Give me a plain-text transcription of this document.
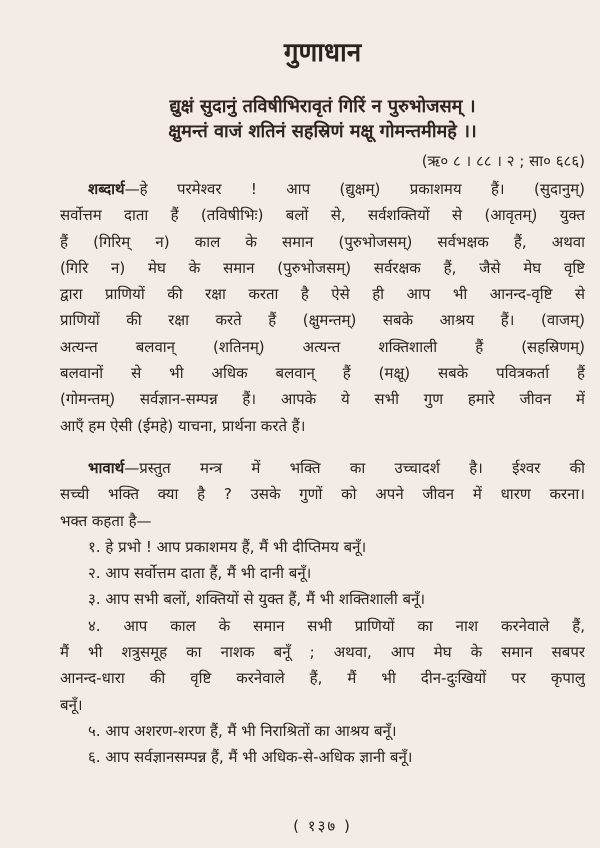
गुणाधान
द्युक्षं सुदानुं तविषीभिरावृतं गिरिं न पुरुभोजसम् ।
क्षुमन्तं वाजं शतिनं सहस्रिणं मक्षू गोमन्तमीमहे ।।
(ऋ० ८ । ८८ । २ ; सा० ६८६)
शब्दार्थ—हे परमेश्वर ! आप (द्युक्षम्) प्रकाशमय हैं। (सुदानुम्)
सर्वोत्तम दाता हैं (तविषीभिः) बलों से, सर्वशक्तियों से (आवृतम्) युक्त
हैं (गिरिम् न) काल के समान (पुरुभोजसम्) सर्वभक्षक हैं, अथवा
(गिरि न) मेघ के समान (पुरुभोजसम्) सर्वरक्षक हैं, जैसे मेघ वृष्टि
द्वारा प्राणियों की रक्षा करता है ऐसे ही आप भी आनन्द-वृष्टि से
प्राणियों की रक्षा करते हैं (क्षुमन्तम्) सबके आश्रय हैं। (वाजम्)
अत्यन्त बलवान् (शतिनम्) अत्यन्त शक्तिशाली हैं (सहस्रिणम्)
बलवानों से भी अधिक बलवान् हैं (मक्षू) सबके पवित्रकर्ता हैं
(गोमन्तम्) सर्वज्ञान-सम्पन्न हैं। आपके ये सभी गुण हमारे जीवन में
आएँ हम ऐसी (ईमहे) याचना, प्रार्थना करते हैं।
भावार्थ—प्रस्तुत मन्त्र में भक्ति का उच्चादर्श है। ईश्वर की
सच्ची भक्ति क्या है ? उसके गुणों को अपने जीवन में धारण करना।
भक्त कहता है—
१. हे प्रभो ! आप प्रकाशमय हैं, मैं भी दीप्तिमय बनूँ।
२. आप सर्वोत्तम दाता हैं, मैं भी दानी बनूँ।
३. आप सभी बलों, शक्तियों से युक्त हैं, मैं भी शक्तिशाली बनूँ।
४. आप काल के समान सभी प्राणियों का नाश करनेवाले हैं,
मैं भी शत्रुसमूह का नाशक बनूँ ; अथवा, आप मेघ के समान सबपर
आनन्द-धारा की वृष्टि करनेवाले हैं, मैं भी दीन-दुःखियों पर कृपालु
बनूँ।
५. आप अशरण-शरण हैं, मैं भी निराश्रितों का आश्रय बनूँ।
६. आप सर्वज्ञानसम्पन्न हैं, मैं भी अधिक-से-अधिक ज्ञानी बनूँ।
( १३७ )
